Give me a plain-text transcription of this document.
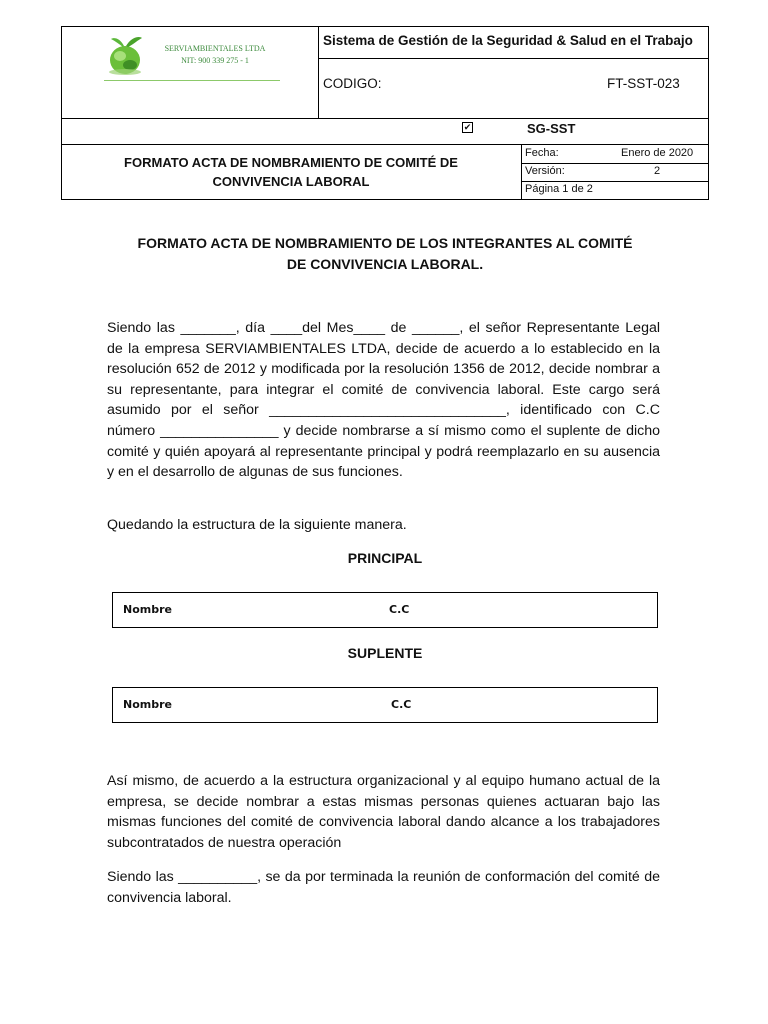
SERVIAMBIENTALES LTDA
NIT: 900 339 275 - 1
Sistema de Gestión de la Seguridad & Salud en el Trabajo
CODIGO:	FT-SST-023
✔	SG-SST
FORMATO ACTA DE NOMBRAMIENTO DE COMITÉ DE
CONVIVENCIA LABORAL
Fecha:	Enero de 2020
Versión:	2
Página 1 de 2
FORMATO ACTA DE NOMBRAMIENTO DE LOS INTEGRANTES AL COMITÉ
DE CONVIVENCIA LABORAL.
Siendo las _______, día ____del Mes____ de ______, el señor Representante Legal de la empresa SERVIAMBIENTALES LTDA, decide de acuerdo a lo establecido en la resolución 652 de 2012 y modificada por la resolución 1356 de 2012, decide nombrar a su representante, para integrar el comité de convivencia laboral. Este cargo será asumido por el señor ______________________________, identificado con C.C número _______________ y decide nombrarse a sí mismo como el suplente de dicho comité y quién apoyará al representante principal y podrá reemplazarlo en su ausencia y en el desarrollo de algunas de sus funciones.
Quedando la estructura de la siguiente manera.
PRINCIPAL
Nombre	C.C
SUPLENTE
Nombre	C.C
Así mismo, de acuerdo a la estructura organizacional y al equipo humano actual de la empresa, se decide nombrar a estas mismas personas quienes actuaran bajo las mismas funciones del comité de convivencia laboral dando alcance a los trabajadores subcontratados de nuestra operación
Siendo las __________, se da por terminada la reunión de conformación del comité de convivencia laboral.
